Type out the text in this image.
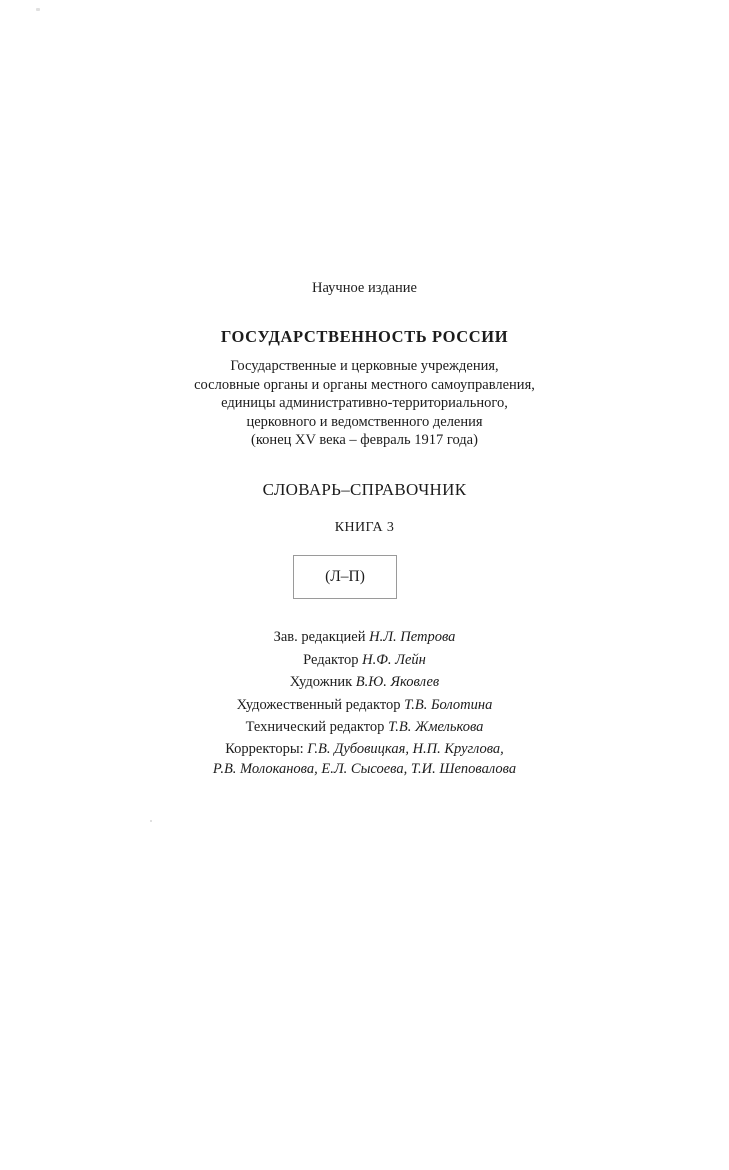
Научное издание
ГОСУДАРСТВЕННОСТЬ РОССИИ
Государственные и церковные учреждения,
сословные органы и органы местного самоуправления,
единицы административно-территориального,
церковного и ведомственного деления
(конец XV века – февраль 1917 года)
СЛОВАРЬ–СПРАВОЧНИК
КНИГА 3
(Л–П)
Зав. редакцией Н.Л. Петрова
Редактор Н.Ф. Лейн
Художник В.Ю. Яковлев
Художественный редактор Т.В. Болотина
Технический редактор Т.В. Жмелькова
Корректоры: Г.В. Дубовицкая, Н.П. Круглова,
Р.В. Молоканова, Е.Л. Сысоева, Т.И. Шеповалова
